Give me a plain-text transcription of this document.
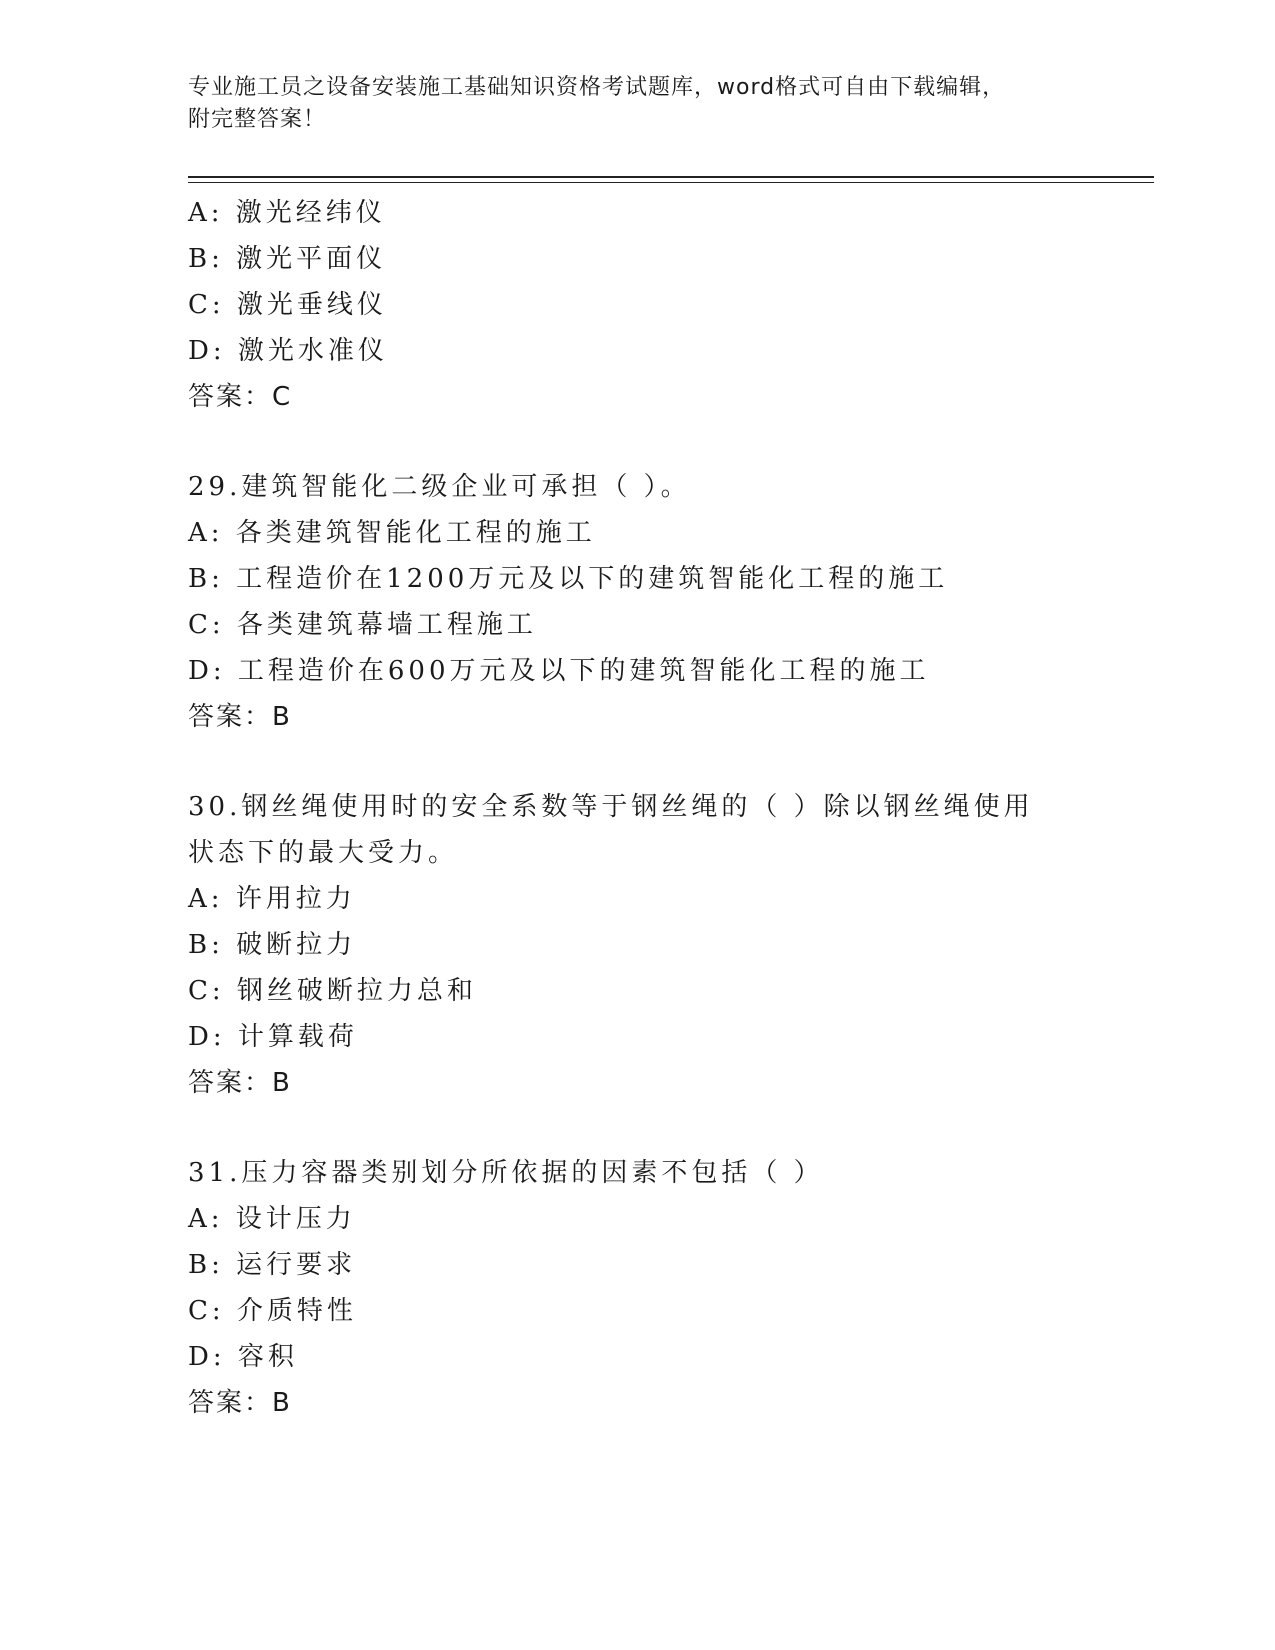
专业施工员之设备安装施工基础知识资格考试题库，word格式可自由下载编辑，
附完整答案！
A: 激光经纬仪
B: 激光平面仪
C: 激光垂线仪
D: 激光水准仪
答案：C
29.建筑智能化二级企业可承担（ ）。
A: 各类建筑智能化工程的施工
B: 工程造价在1200万元及以下的建筑智能化工程的施工
C: 各类建筑幕墙工程施工
D: 工程造价在600万元及以下的建筑智能化工程的施工
答案：B
30.钢丝绳使用时的安全系数等于钢丝绳的（ ）除以钢丝绳使用状态下的最大受力。
A: 许用拉力
B: 破断拉力
C: 钢丝破断拉力总和
D: 计算载荷
答案：B
31.压力容器类别划分所依据的因素不包括（ ）
A: 设计压力
B: 运行要求
C: 介质特性
D: 容积
答案：B
